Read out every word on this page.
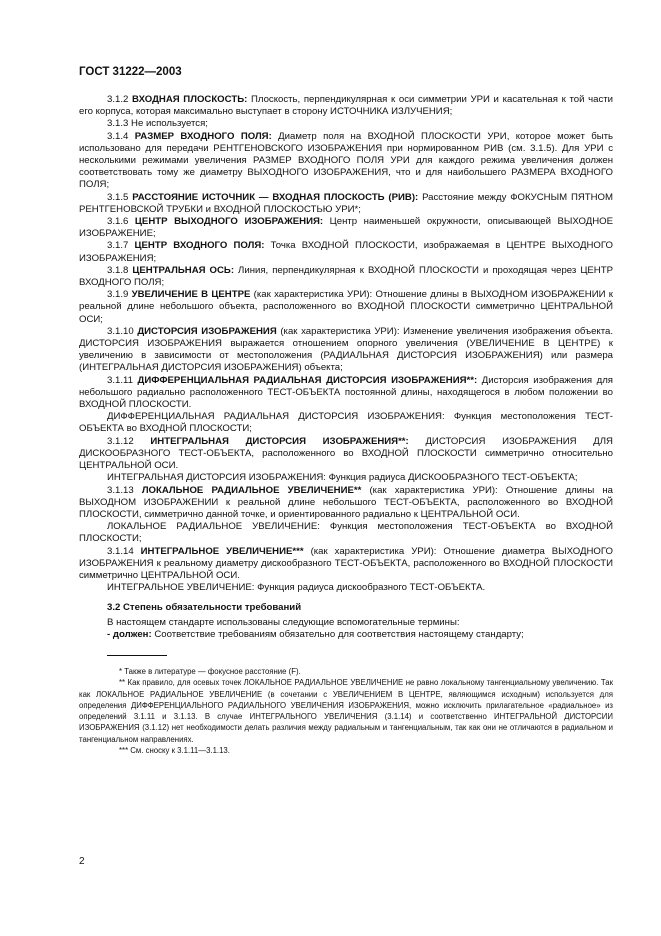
ГОСТ 31222—2003

3.1.2 ВХОДНАЯ ПЛОСКОСТЬ: Плоскость, перпендикулярная к оси симметрии УРИ и касательная к той части его корпуса, которая максимально выступает в сторону ИСТОЧНИКА ИЗЛУЧЕНИЯ;

3.1.3 Не используется;

3.1.4 РАЗМЕР ВХОДНОГО ПОЛЯ: Диаметр поля на ВХОДНОЙ ПЛОСКОСТИ УРИ, которое может быть использовано для передачи РЕНТГЕНОВСКОГО ИЗОБРАЖЕНИЯ при нормированном РИВ (см. 3.1.5). Для УРИ с несколькими режимами увеличения РАЗМЕР ВХОДНОГО ПОЛЯ УРИ для каждого режима увеличения должен соответствовать тому же диаметру ВЫХОДНОГО ИЗОБРАЖЕНИЯ, что и для наибольшего РАЗМЕРА ВХОДНОГО ПОЛЯ;

3.1.5 РАССТОЯНИЕ ИСТОЧНИК — ВХОДНАЯ ПЛОСКОСТЬ (РИВ): Расстояние между ФОКУСНЫМ ПЯТНОМ РЕНТГЕНОВСКОЙ ТРУБКИ и ВХОДНОЙ ПЛОСКОСТЬЮ УРИ*;

3.1.6 ЦЕНТР ВЫХОДНОГО ИЗОБРАЖЕНИЯ: Центр наименьшей окружности, описывающей ВЫХОДНОЕ ИЗОБРАЖЕНИЕ;

3.1.7 ЦЕНТР ВХОДНОГО ПОЛЯ: Точка ВХОДНОЙ ПЛОСКОСТИ, изображаемая в ЦЕНТРЕ ВЫХОДНОГО ИЗОБРАЖЕНИЯ;

3.1.8 ЦЕНТРАЛЬНАЯ ОСЬ: Линия, перпендикулярная к ВХОДНОЙ ПЛОСКОСТИ и проходящая через ЦЕНТР ВХОДНОГО ПОЛЯ;

3.1.9 УВЕЛИЧЕНИЕ В ЦЕНТРЕ (как характеристика УРИ): Отношение длины в ВЫХОДНОМ ИЗОБРАЖЕНИИ к реальной длине небольшого объекта, расположенного во ВХОДНОЙ ПЛОСКОСТИ симметрично ЦЕНТРАЛЬНОЙ ОСИ;

3.1.10 ДИСТОРСИЯ ИЗОБРАЖЕНИЯ (как характеристика УРИ): Изменение увеличения изображения объекта. ДИСТОРСИЯ ИЗОБРАЖЕНИЯ выражается отношением опорного увеличения (УВЕЛИЧЕНИЕ В ЦЕНТРЕ) к увеличению в зависимости от местоположения (РАДИАЛЬНАЯ ДИСТОРСИЯ ИЗОБРАЖЕНИЯ) или размера (ИНТЕГРАЛЬНАЯ ДИСТОРСИЯ ИЗОБРАЖЕНИЯ) объекта;

3.1.11 ДИФФЕРЕНЦИАЛЬНАЯ РАДИАЛЬНАЯ ДИСТОРСИЯ ИЗОБРАЖЕНИЯ**: Дисторсия изображения для небольшого радиально расположенного ТЕСТ-ОБЪЕКТА постоянной длины, находящегося в любом положении во ВХОДНОЙ ПЛОСКОСТИ.

ДИФФЕРЕНЦИАЛЬНАЯ РАДИАЛЬНАЯ ДИСТОРСИЯ ИЗОБРАЖЕНИЯ: Функция местоположения ТЕСТ-ОБЪЕКТА во ВХОДНОЙ ПЛОСКОСТИ;

3.1.12 ИНТЕГРАЛЬНАЯ ДИСТОРСИЯ ИЗОБРАЖЕНИЯ**: ДИСТОРСИЯ ИЗОБРАЖЕНИЯ ДЛЯ ДИСКООБРАЗНОГО ТЕСТ-ОБЪЕКТА, расположенного во ВХОДНОЙ ПЛОСКОСТИ симметрично относительно ЦЕНТРАЛЬНОЙ ОСИ.

ИНТЕГРАЛЬНАЯ ДИСТОРСИЯ ИЗОБРАЖЕНИЯ: Функция радиуса ДИСКООБРАЗНОГО ТЕСТ-ОБЪЕКТА;

3.1.13 ЛОКАЛЬНОЕ РАДИАЛЬНОЕ УВЕЛИЧЕНИЕ** (как характеристика УРИ): Отношение длины на ВЫХОДНОМ ИЗОБРАЖЕНИИ к реальной длине небольшого ТЕСТ-ОБЪЕКТА, расположенного во ВХОДНОЙ ПЛОСКОСТИ, симметрично данной точке, и ориентированного радиально к ЦЕНТРАЛЬНОЙ ОСИ.

ЛОКАЛЬНОЕ РАДИАЛЬНОЕ УВЕЛИЧЕНИЕ: Функция местоположения ТЕСТ-ОБЪЕКТА во ВХОДНОЙ ПЛОСКОСТИ;

3.1.14 ИНТЕГРАЛЬНОЕ УВЕЛИЧЕНИЕ*** (как характеристика УРИ): Отношение диаметра ВЫХОДНОГО ИЗОБРАЖЕНИЯ к реальному диаметру дискообразного ТЕСТ-ОБЪЕКТА, расположенного во ВХОДНОЙ ПЛОСКОСТИ симметрично ЦЕНТРАЛЬНОЙ ОСИ.

ИНТЕГРАЛЬНОЕ УВЕЛИЧЕНИЕ: Функция радиуса дискообразного ТЕСТ-ОБЪЕКТА.

3.2 Степень обязательности требований

В настоящем стандарте использованы следующие вспомогательные термины:

- должен: Соответствие требованиям обязательно для соответствия настоящему стандарту;

* Также в литературе — фокусное расстояние (F).

** Как правило, для осевых точек ЛОКАЛЬНОЕ РАДИАЛЬНОЕ УВЕЛИЧЕНИЕ не равно локальному тангенциальному увеличению. Так как ЛОКАЛЬНОЕ РАДИАЛЬНОЕ УВЕЛИЧЕНИЕ (в сочетании с УВЕЛИЧЕНИЕМ В ЦЕНТРЕ, являющимся исходным) используется для определения ДИФФЕРЕНЦИАЛЬНОГО РАДИАЛЬНОГО УВЕЛИЧЕНИЯ ИЗОБРАЖЕНИЯ, можно исключить прилагательное «радиальное» из определений 3.1.11 и 3.1.13. В случае ИНТЕГРАЛЬНОГО УВЕЛИЧЕНИЯ (3.1.14) и соответственно ИНТЕГРАЛЬНОЙ ДИСТОРСИИ ИЗОБРАЖЕНИЯ (3.1.12) нет необходимости делать различия между радиальным и тангенциальным, так как они не отличаются в радиальном и тангенциальном направлениях.

*** См. сноску к 3.1.11—3.1.13.

2
